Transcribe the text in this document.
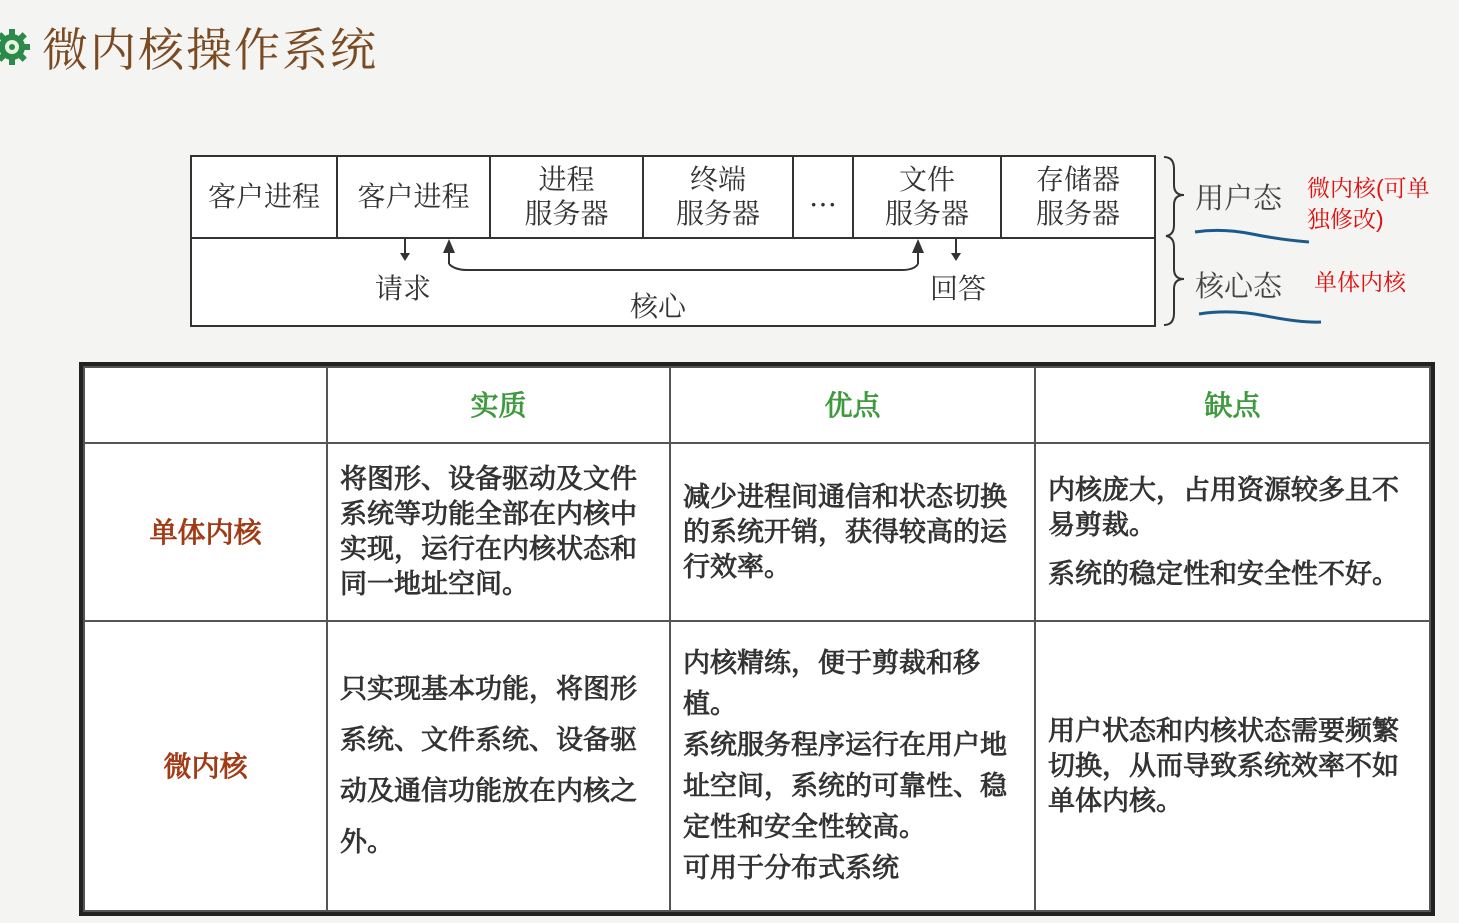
微内核操作系统
客户进程	客户进程
进程
服务器
终端
服务器
…
文件
服务器
存储器
服务器
请求
核心
回答
用户态
核心态
微内核(可单
独修改)
单体内核
	实质	优点	缺点
单体内核	将图形、设备驱动及文件系统等功能全部在内核中实现，运行在内核状态和同一地址空间。	减少进程间通信和状态切换的系统开销，获得较高的运行效率。	内核庞大，占用资源较多且不易剪裁。

系统的稳定性和安全性不好。

微内核	只实现基本功能，将图形系统、文件系统、设备驱动及通信功能放在内核之外。	内核精练，便于剪裁和移植。

系统服务程序运行在用户地址空间，系统的可靠性、稳定性和安全性较高。

可用于分布式系统	用户状态和内核状态需要频繁切换，从而导致系统效率不如单体内核。
